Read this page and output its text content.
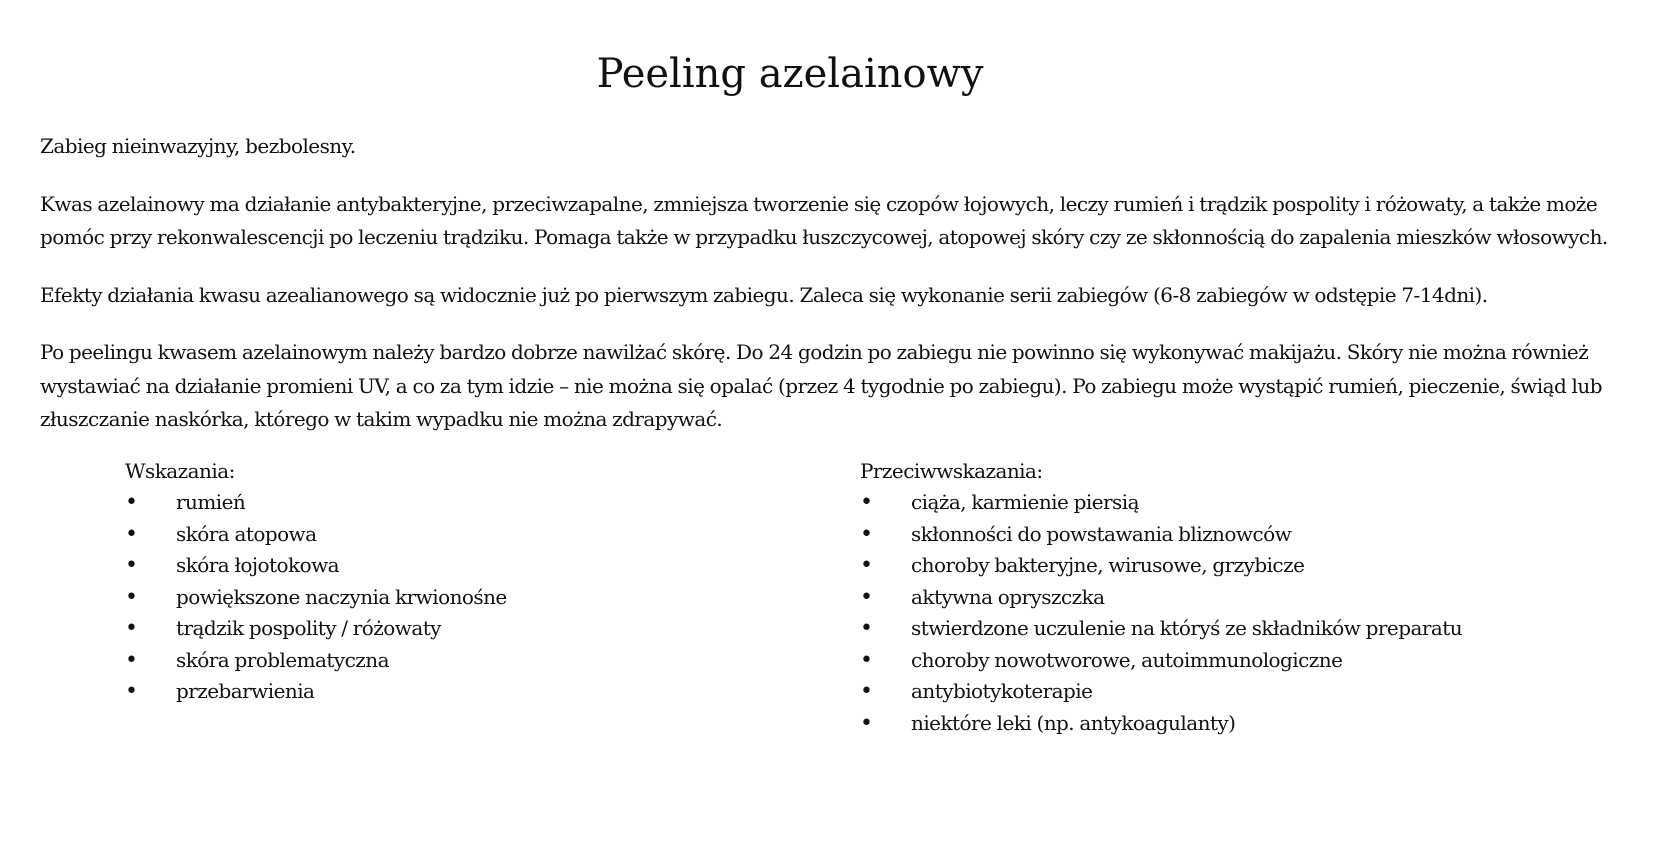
Peeling azelainowy

Zabieg nieinwazyjny, bezbolesny.

Kwas azelainowy ma działanie antybakteryjne, przeciwzapalne, zmniejsza tworzenie się czopów łojowych, leczy rumień i trądzik pospolity i różowaty, a także może pomóc przy rekonwalescencji po leczeniu trądziku. Pomaga także w przypadku łuszczycowej, atopowej skóry czy ze skłonnością do zapalenia mieszków włosowych.

Efekty działania kwasu azealianowego są widocznie już po pierwszym zabiegu. Zaleca się wykonanie serii zabiegów (6-8 zabiegów w odstępie 7-14dni).

Po peelingu kwasem azelainowym należy bardzo dobrze nawilżać skórę. Do 24 godzin po zabiegu nie powinno się wykonywać makijażu. Skóry nie można również wystawiać na działanie promieni UV, a co za tym idzie – nie można się opalać (przez 4 tygodnie po zabiegu). Po zabiegu może wystąpić rumień, pieczenie, świąd lub złuszczanie naskórka, którego w takim wypadku nie można zdrapywać.

Wskazania:
•	rumień
•	skóra atopowa
•	skóra łojotokowa
•	powiększone naczynia krwionośne
•	trądzik pospolity / różowaty
•	skóra problematyczna
•	przebarwienia
Przeciwwskazania:
•	ciąża, karmienie piersią
•	skłonności do powstawania bliznowców
•	choroby bakteryjne, wirusowe, grzybicze
•	aktywna opryszczka
•	stwierdzone uczulenie na któryś ze składników preparatu
•	choroby nowotworowe, autoimmunologiczne
•	antybiotykoterapie
•	niektóre leki (np. antykoagulanty)
